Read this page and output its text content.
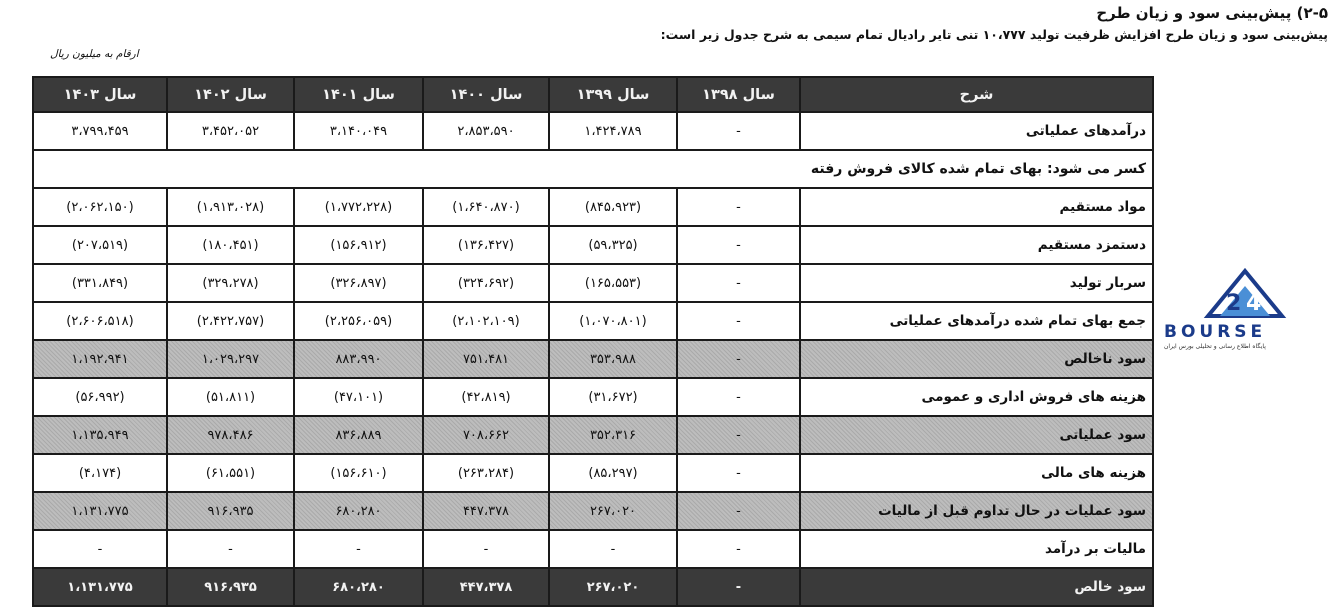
۲-۵) پیش‌بینی سود و زیان طرح
پیش‌بینی سود و زیان طرح افزایش ظرفیت تولید ۱۰،۷۷۷ تنی تایر رادیال تمام سیمی به شرح جدول زیر است:
ارقام به میلیون ریال
شرح	سال ۱۳۹۸	سال ۱۳۹۹	سال ۱۴۰۰	سال ۱۴۰۱	سال ۱۴۰۲	سال ۱۴۰۳
درآمدهای عملیاتی	-	۱،۴۲۴،۷۸۹	۲،۸۵۳،۵۹۰	۳،۱۴۰،۰۴۹	۳،۴۵۲،۰۵۲	۳،۷۹۹،۴۵۹
کسر می شود: بهای تمام شده کالای فروش رفته						
مواد مستقیم	-	(۸۴۵،۹۲۳)	(۱،۶۴۰،۸۷۰)	(۱،۷۷۲،۲۲۸)	(۱،۹۱۳،۰۲۸)	(۲،۰۶۲،۱۵۰)
دستمزد مستقیم	-	(۵۹،۳۲۵)	(۱۳۶،۴۲۷)	(۱۵۶،۹۱۲)	(۱۸۰،۴۵۱)	(۲۰۷،۵۱۹)
سربار تولید	-	(۱۶۵،۵۵۳)	(۳۲۴،۶۹۲)	(۳۲۶،۸۹۷)	(۳۲۹،۲۷۸)	(۳۳۱،۸۴۹)
جمع بهای تمام شده درآمدهای عملیاتی	-	(۱،۰۷۰،۸۰۱)	(۲،۱۰۲،۱۰۹)	(۲،۲۵۶،۰۵۹)	(۲،۴۲۲،۷۵۷)	(۲،۶۰۶،۵۱۸)
سود ناخالص	-	۳۵۳،۹۸۸	۷۵۱،۴۸۱	۸۸۳،۹۹۰	۱،۰۲۹،۲۹۷	۱،۱۹۲،۹۴۱
هزینه های فروش اداری و عمومی	-	(۳۱،۶۷۲)	(۴۲،۸۱۹)	(۴۷،۱۰۱)	(۵۱،۸۱۱)	(۵۶،۹۹۲)
سود عملیاتی	-	۳۵۲،۳۱۶	۷۰۸،۶۶۲	۸۳۶،۸۸۹	۹۷۸،۴۸۶	۱،۱۳۵،۹۴۹
هزینه های مالی	-	(۸۵،۲۹۷)	(۲۶۳،۲۸۴)	(۱۵۶،۶۱۰)	(۶۱،۵۵۱)	(۴،۱۷۴)
سود عملیات در حال تداوم قبل از مالیات	-	۲۶۷،۰۲۰	۴۴۷،۳۷۸	۶۸۰،۲۸۰	۹۱۶،۹۳۵	۱،۱۳۱،۷۷۵
مالیات بر درآمد	-	-	-	-	-	-
سود خالص	-	۲۶۷،۰۲۰	۴۴۷،۳۷۸	۶۸۰،۲۸۰	۹۱۶،۹۳۵	۱،۱۳۱،۷۷۵
2 4
BOURSE
پایگاه اطلاع رسانی و تحلیلی بورس ایران
